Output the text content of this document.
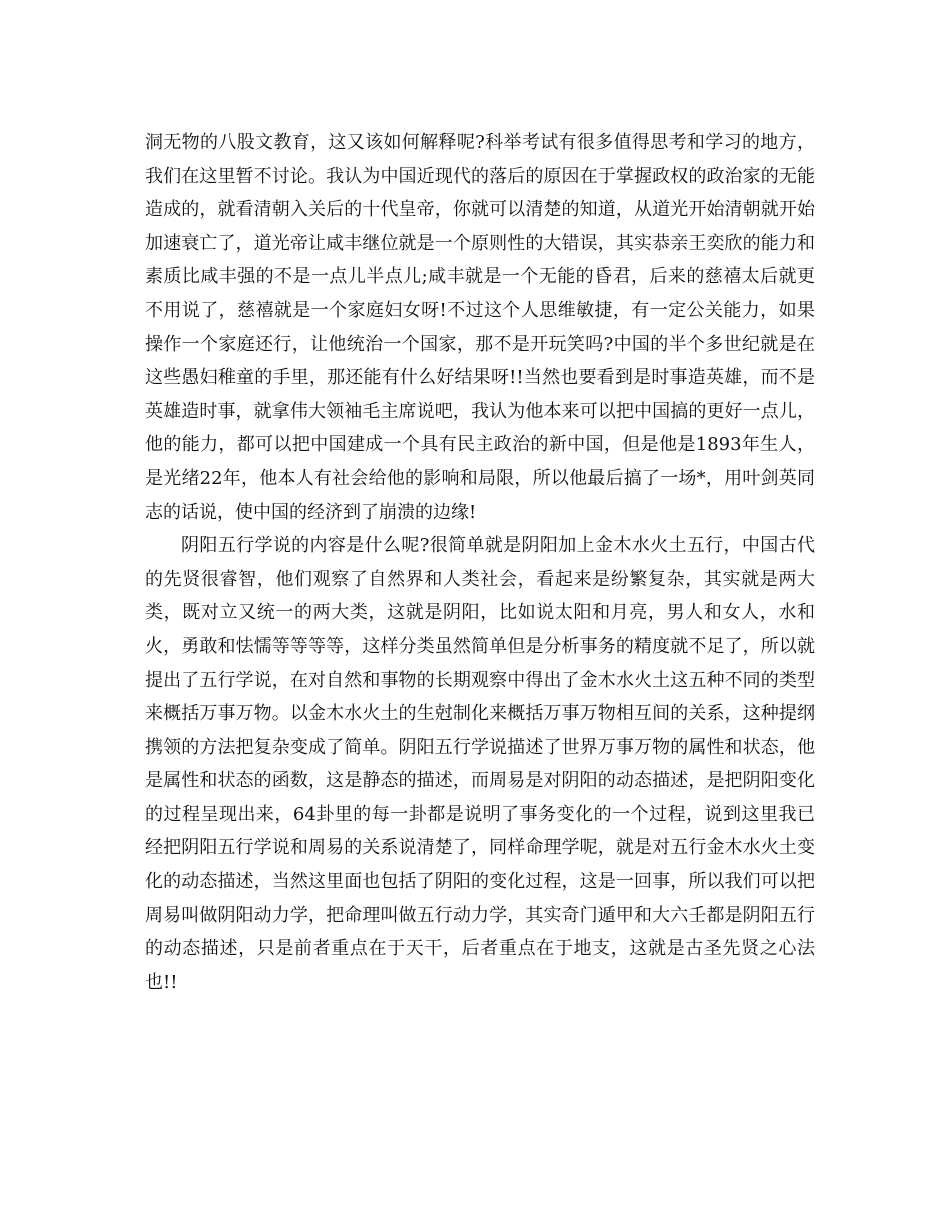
洞无物的八股文教育，这又该如何解释呢?科举考试有很多值得思考和学习的地方，我们在这里暂不讨论。我认为中国近现代的落后的原因在于掌握政权的政治家的无能造成的，就看清朝入关后的十代皇帝，你就可以清楚的知道，从道光开始清朝就开始加速衰亡了，道光帝让咸丰继位就是一个原则性的大错误，其实恭亲王奕欣的能力和素质比咸丰强的不是一点儿半点儿;咸丰就是一个无能的昏君，后来的慈禧太后就更不用说了，慈禧就是一个家庭妇女呀!不过这个人思维敏捷，有一定公关能力，如果操作一个家庭还行，让他统治一个国家，那不是开玩笑吗?中国的半个多世纪就是在这些愚妇稚童的手里，那还能有什么好结果呀!!当然也要看到是时事造英雄，而不是英雄造时事，就拿伟大领袖毛主席说吧，我认为他本来可以把中国搞的更好一点儿，他的能力，都可以把中国建成一个具有民主政治的新中国，但是他是1893年生人，是光绪22年，他本人有社会给他的影响和局限，所以他最后搞了一场*，用叶剑英同志的话说，使中国的经济到了崩溃的边缘!

阴阳五行学说的内容是什么呢?很简单就是阴阳加上金木水火土五行，中国古代的先贤很睿智，他们观察了自然界和人类社会，看起来是纷繁复杂，其实就是两大类，既对立又统一的两大类，这就是阴阳，比如说太阳和月亮，男人和女人，水和火，勇敢和怯懦等等等等，这样分类虽然简单但是分析事务的精度就不足了，所以就提出了五行学说，在对自然和事物的长期观察中得出了金木水火土这五种不同的类型来概括万事万物。以金木水火土的生尅制化来概括万事万物相互间的关系，这种提纲携领的方法把复杂变成了简单。阴阳五行学说描述了世界万事万物的属性和状态，他是属性和状态的函数，这是静态的描述，而周易是对阴阳的动态描述，是把阴阳变化的过程呈现出来，64卦里的每一卦都是说明了事务变化的一个过程，说到这里我已经把阴阳五行学说和周易的关系说清楚了，同样命理学呢，就是对五行金木水火土变化的动态描述，当然这里面也包括了阴阳的变化过程，这是一回事，所以我们可以把周易叫做阴阳动力学，把命理叫做五行动力学，其实奇门遁甲和大六壬都是阴阳五行的动态描述，只是前者重点在于天干，后者重点在于地支，这就是古圣先贤之心法也!!
